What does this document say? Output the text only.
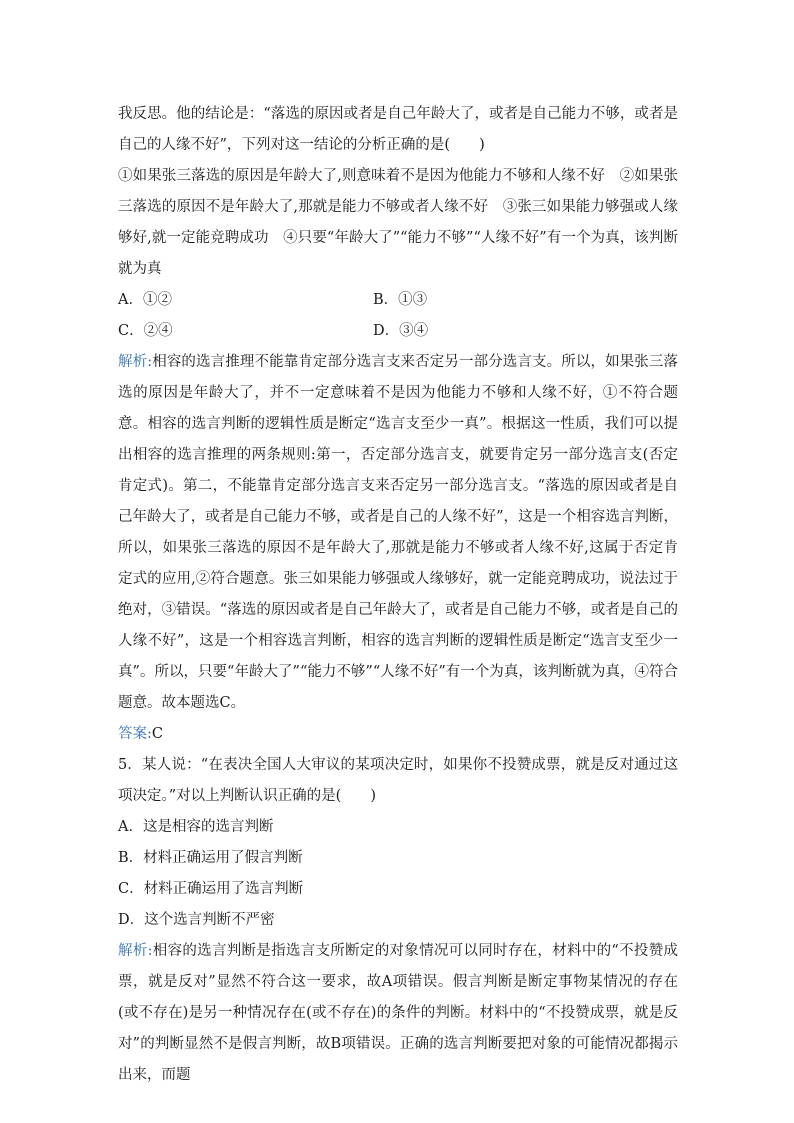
我反思。他的结论是：“落选的原因或者是自己年龄大了，或者是自己能力不够，或者是自己的人缘不好”，下列对这一结论的分析正确的是(　　)

①如果张三落选的原因是年龄大了,则意味着不是因为他能力不够和人缘不好　②如果张三落选的原因不是年龄大了,那就是能力不够或者人缘不好　③张三如果能力够强或人缘够好,就一定能竞聘成功　④只要“年龄大了”“能力不够”“人缘不好”有一个为真，该判断就为真

A．①②	B．①③
C．②④	D．③④

解析:相容的选言推理不能靠肯定部分选言支来否定另一部分选言支。所以，如果张三落选的原因是年龄大了，并不一定意味着不是因为他能力不够和人缘不好，①不符合题意。相容的选言判断的逻辑性质是断定“选言支至少一真”。根据这一性质，我们可以提出相容的选言推理的两条规则:第一，否定部分选言支，就要肯定另一部分选言支(否定肯定式)。第二，不能靠肯定部分选言支来否定另一部分选言支。“落选的原因或者是自己年龄大了，或者是自己能力不够，或者是自己的人缘不好”，这是一个相容选言判断，所以，如果张三落选的原因不是年龄大了,那就是能力不够或者人缘不好,这属于否定肯定式的应用,②符合题意。张三如果能力够强或人缘够好，就一定能竞聘成功，说法过于绝对，③错误。“落选的原因或者是自己年龄大了，或者是自己能力不够，或者是自己的人缘不好”，这是一个相容选言判断，相容的选言判断的逻辑性质是断定“选言支至少一真”。所以，只要“年龄大了”“能力不够”“人缘不好”有一个为真，该判断就为真，④符合题意。故本题选C。

答案:C

5．某人说：“在表决全国人大审议的某项决定时，如果你不投赞成票，就是反对通过这项决定。”对以上判断认识正确的是(　　)

A．这是相容的选言判断

B．材料正确运用了假言判断

C．材料正确运用了选言判断

D．这个选言判断不严密

解析:相容的选言判断是指选言支所断定的对象情况可以同时存在，材料中的“不投赞成票，就是反对”显然不符合这一要求，故A项错误。假言判断是断定事物某情况的存在(或不存在)是另一种情况存在(或不存在)的条件的判断。材料中的“不投赞成票，就是反对”的判断显然不是假言判断，故B项错误。正确的选言判断要把对象的可能情况都揭示出来，而题
